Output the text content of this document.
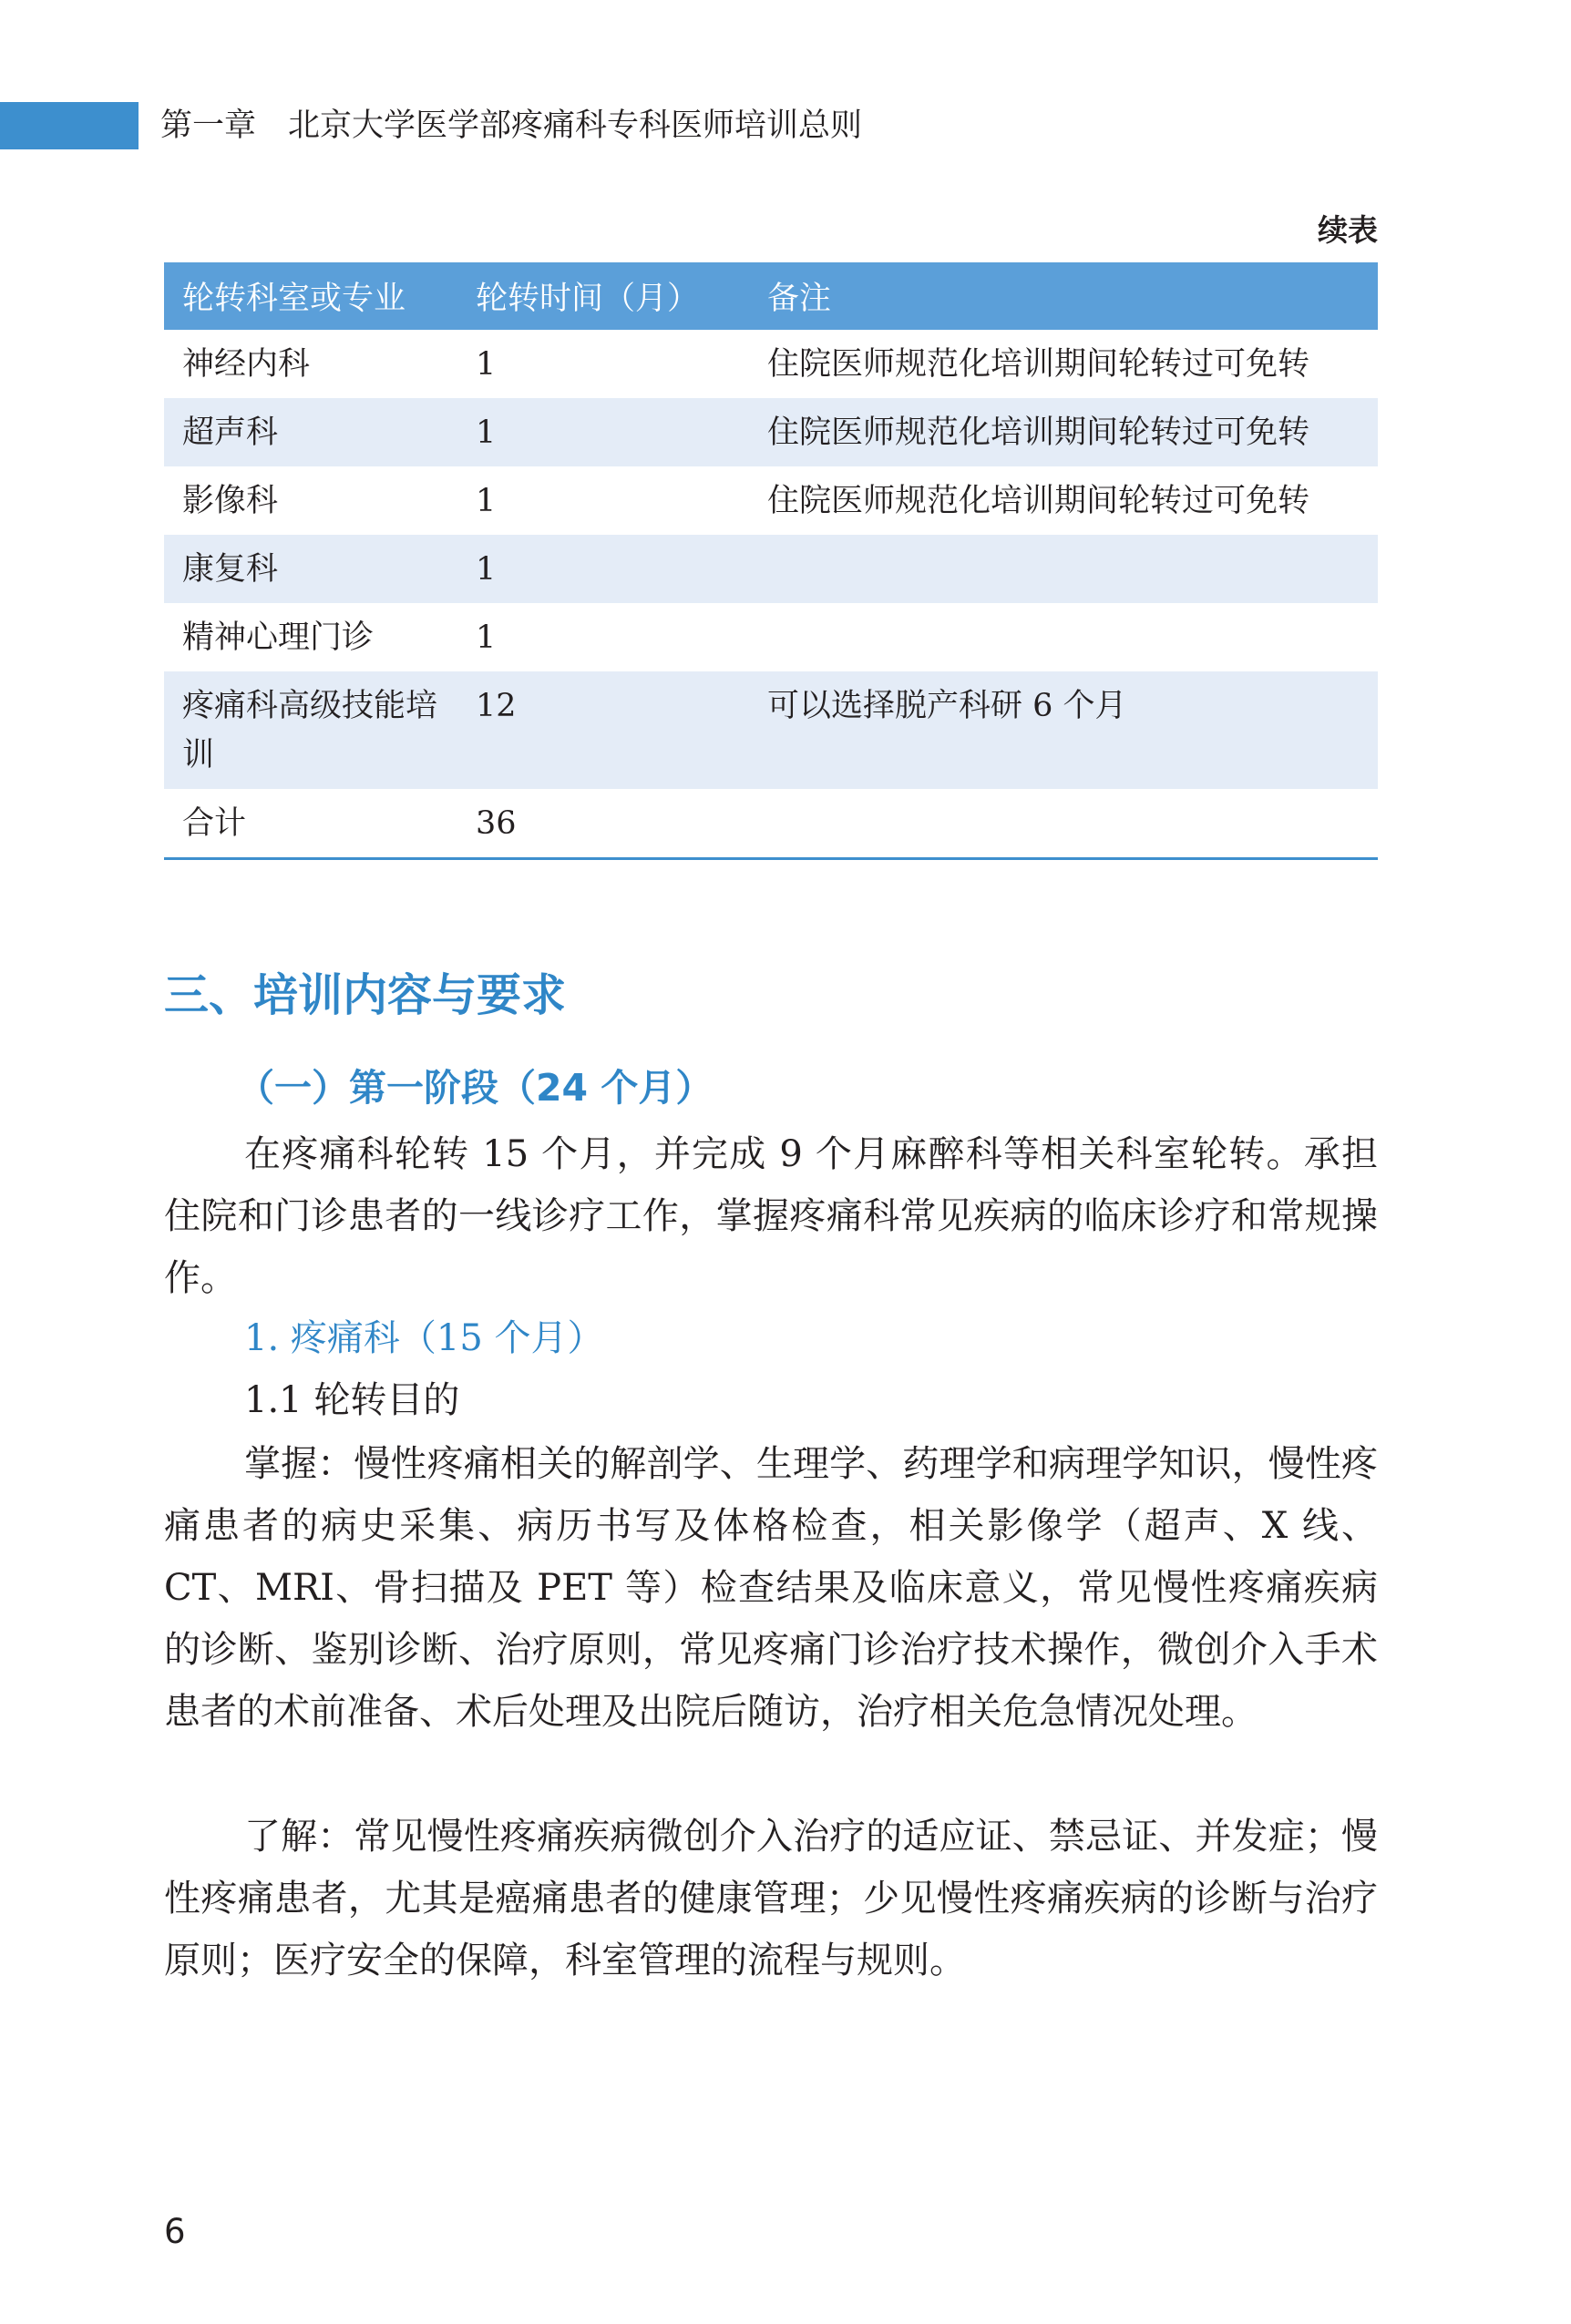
第一章　北京大学医学部疼痛科专科医师培训总则
续表
轮转科室或专业	轮转时间（月）	备注
神经内科	1	住院医师规范化培训期间轮转过可免转
超声科	1	住院医师规范化培训期间轮转过可免转
影像科	1	住院医师规范化培训期间轮转过可免转
康复科	1	
精神心理门诊	1	
疼痛科高级技能培训	12	可以选择脱产科研 6 个月
合计	36	
三、培训内容与要求
（一）第一阶段（24 个月）

在疼痛科轮转 15 个月，并完成 9 个月麻醉科等相关科室轮转。承担住院和门诊患者的一线诊疗工作，掌握疼痛科常见疾病的临床诊疗和常规操作。

1. 疼痛科（15 个月）
1.1 轮转目的

掌握：慢性疼痛相关的解剖学、生理学、药理学和病理学知识，慢性疼痛患者的病史采集、病历书写及体格检查，相关影像学（超声、X 线、CT、MRI、骨扫描及 PET 等）检查结果及临床意义，常见慢性疼痛疾病的诊断、鉴别诊断、治疗原则，常见疼痛门诊治疗技术操作，微创介入手术患者的术前准备、术后处理及出院后随访，治疗相关危急情况处理。

了解：常见慢性疼痛疾病微创介入治疗的适应证、禁忌证、并发症；慢性疼痛患者，尤其是癌痛患者的健康管理；少见慢性疼痛疾病的诊断与治疗原则；医疗安全的保障，科室管理的流程与规则。

6
